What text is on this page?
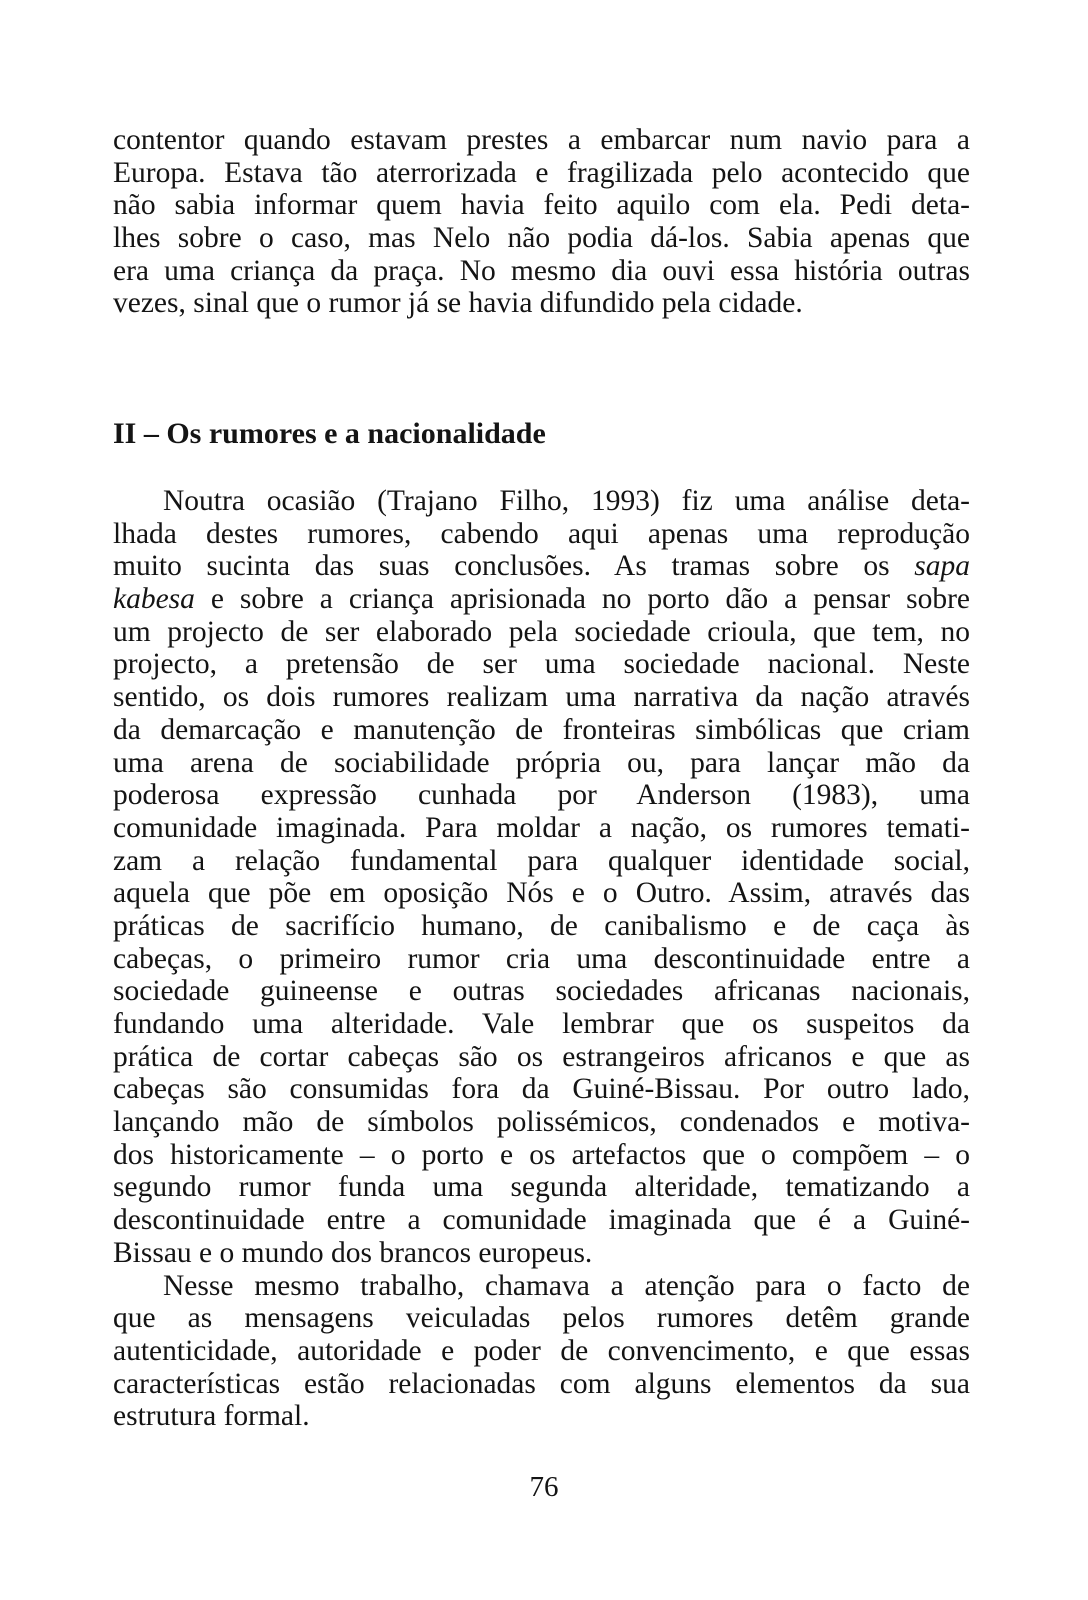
contentor quando estavam prestes a embarcar num navio para a
Europa. Estava tão aterrorizada e fragilizada pelo acontecido que
não sabia informar quem havia feito aquilo com ela. Pedi deta-
lhes sobre o caso, mas Nelo não podia dá-los. Sabia apenas que
era uma criança da praça. No mesmo dia ouvi essa história outras
vezes, sinal que o rumor já se havia difundido pela cidade.
II – Os rumores e a nacionalidade
Noutra ocasião (Trajano Filho, 1993) fiz uma análise deta-
lhada destes rumores, cabendo aqui apenas uma reprodução
muito sucinta das suas conclusões. As tramas sobre os sapa
kabesa e sobre a criança aprisionada no porto dão a pensar sobre
um projecto de ser elaborado pela sociedade crioula, que tem, no
projecto, a pretensão de ser uma sociedade nacional. Neste
sentido, os dois rumores realizam uma narrativa da nação através
da demarcação e manutenção de fronteiras simbólicas que criam
uma arena de sociabilidade própria ou, para lançar mão da
poderosa expressão cunhada por Anderson (1983), uma
comunidade imaginada. Para moldar a nação, os rumores temati-
zam a relação fundamental para qualquer identidade social,
aquela que põe em oposição Nós e o Outro. Assim, através das
práticas de sacrifício humano, de canibalismo e de caça às
cabeças, o primeiro rumor cria uma descontinuidade entre a
sociedade guineense e outras sociedades africanas nacionais,
fundando uma alteridade. Vale lembrar que os suspeitos da
prática de cortar cabeças são os estrangeiros africanos e que as
cabeças são consumidas fora da Guiné-Bissau. Por outro lado,
lançando mão de símbolos polissémicos, condenados e motiva-
dos historicamente – o porto e os artefactos que o compõem – o
segundo rumor funda uma segunda alteridade, tematizando a
descontinuidade entre a comunidade imaginada que é a Guiné-
Bissau e o mundo dos brancos europeus.
Nesse mesmo trabalho, chamava a atenção para o facto de
que as mensagens veiculadas pelos rumores detêm grande
autenticidade, autoridade e poder de convencimento, e que essas
características estão relacionadas com alguns elementos da sua
estrutura formal.
76
